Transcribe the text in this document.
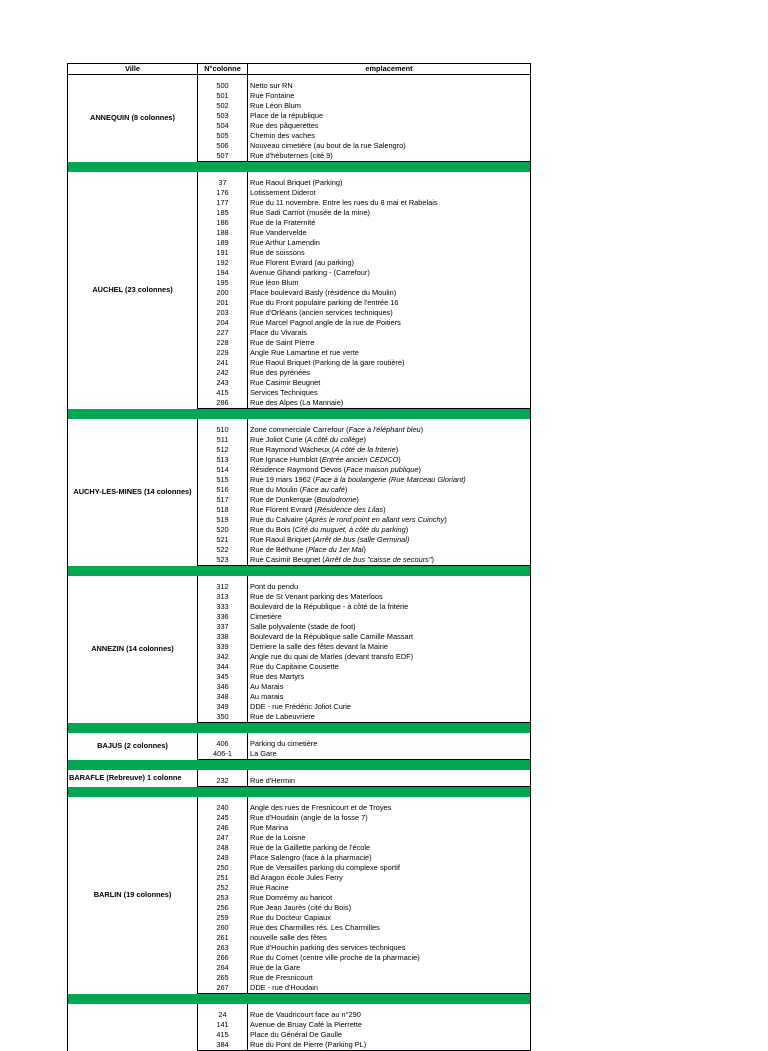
Ville	N°colonne	emplacement
ANNEQUIN (8 colonnes)		
	500	Netto sur RN
	501	Rue Fontaine
	502	Rue Léon Blum
	503	Place de la république
	504	Rue des pâquerettes
	505	Chemin des vaches
	506	Nouveau cimetière (au bout de la rue Salengro)
	507	Rue d'hébuternes (cité 9)

AUCHEL (23 colonnes)		
	37	Rue Raoul Briquet (Parking)
	176	Lotissement Diderot
	177	Rue du 11 novembre. Entre les rues du 8 mai et Rabelais
	185	Rue Sadi Carnot (musée de la mine)
	186	Rue de la Fraternité
	188	Rue Vandervelde
	189	Rue Arthur Lamendin
	191	Rue de soissons
	192	Rue Florent Evrard (au parking)
	194	Avenue Ghandi parking - (Carrefour)
	195	Rue léon Blum
	200	Place boulevard Basly (résidence du Moulin)
	201	Rue du Front populaire parking de l'entrée 16
	203	Rue d'Orléans (ancien services techniques)
	204	Rue Marcel Pagnol angle de la rue de Poitiers
	227	Place du Vivarais
	228	Rue de Saint Pierre
	229	Angle Rue Lamartine et rue verte
	241	Rue Raoul Briquet (Parking de la gare routière)
	242	Rue des pyrénées
	243	Rue Casimir Beugnet
	415	Services Techniques
	286	Rue des Alpes (La Mannaie)

AUCHY-LES-MINES (14 colonnes)		
	510	Zone commerciale Carrefour (Face à l'éléphant bleu)
	511	Rue Joliot Curie (A côté du collège)
	512	Rue Raymond Wacheux (A côté de la friterie)
	513	Rue Ignace Humblot (Entrée ancien CEDICO)
	514	Résidence Raymond Devos (Face maison publique)
	515	Rue 19 mars 1962 (Face à la boulangerie (Rue Marceau Gloriant)
	516	Rue du Moulin (Face au café)
	517	Rue de Dunkerque (Boulodrome)
	518	Rue Florent Evrard (Résidence des Lilas)
	519	Rue du Calvaire (Après le rond point en allant vers Cuinchy)
	520	Rue du Bois (Cité du muguet, à côté du parking)
	521	Rue Raoul Briquet (Arrêt de bus (salle Germinal)
	522	Rue de Béthune (Place du 1er Mai)
	523	Rue Casimir Beugnet (Arrêt de bus "caisse de secours")

ANNEZIN (14 colonnes)		
	312	Pont du pendu
	313	Rue de St Venant parking des Materloos
	333	Boulevard de la République - à côté de la friterie
	336	Cimetière
	337	Salle polyvalente (stade de foot)
	338	Boulevard de la République salle Camille Massart
	339	Derriere la salle des fêtes devant la Mairie
	342	Angle rue du quai de Marles (devant transfo EDF)
	344	Rue du Capitaine Cousette
	345	Rue des Martyrs
	346	Au Marais
	348	Au marais
	349	DDE - rue Frédéric Joliot Curie
	350	Rue de Labeuvriere

BAJUS (2 colonnes)		
	406	Parking du cimetière
	406-1	La Gare

BARAFLE (Rebreuve) 1 colonne		
	232	Rue d'Hermin

BARLIN (19 colonnes)		
	240	Angle des rues de Fresnicourt et de Troyes
	245	Rue d'Houdain (angle de la fosse 7)
	246	Rue Marina
	247	Rue de la Loisne
	248	Rue de la Gaillette parking de l'école
	249	Place Salengro (face à la pharmacie)
	250	Rue de Versailles parking du complexe sportif
	251	Bd Aragon école Jules Ferry
	252	Rue Racine
	253	Rue Domrémy au haricot
	256	Rue Jean Jaurès (cité du Bois)
	259	Rue du Docteur Capiaux
	260	Rue des Charmilles rés. Les Charmilles
	261	nouvelle salle des fêtes
	263	Rue d'Houchin parking des services techniques
	266	Rue du Cornet (centre ville proche de la pharmacie)
	264	Rue de la Gare
	265	Rue de Fresnicourt
	267	DDE - rue d'Houdain

	24	Rue de Vaudricourt face au n°290
	141	Avenue de Bruay Café la Pierrette
	415	Place du Général De Gaulle
	384	Rue du Pont de Pierre (Parking PL)
